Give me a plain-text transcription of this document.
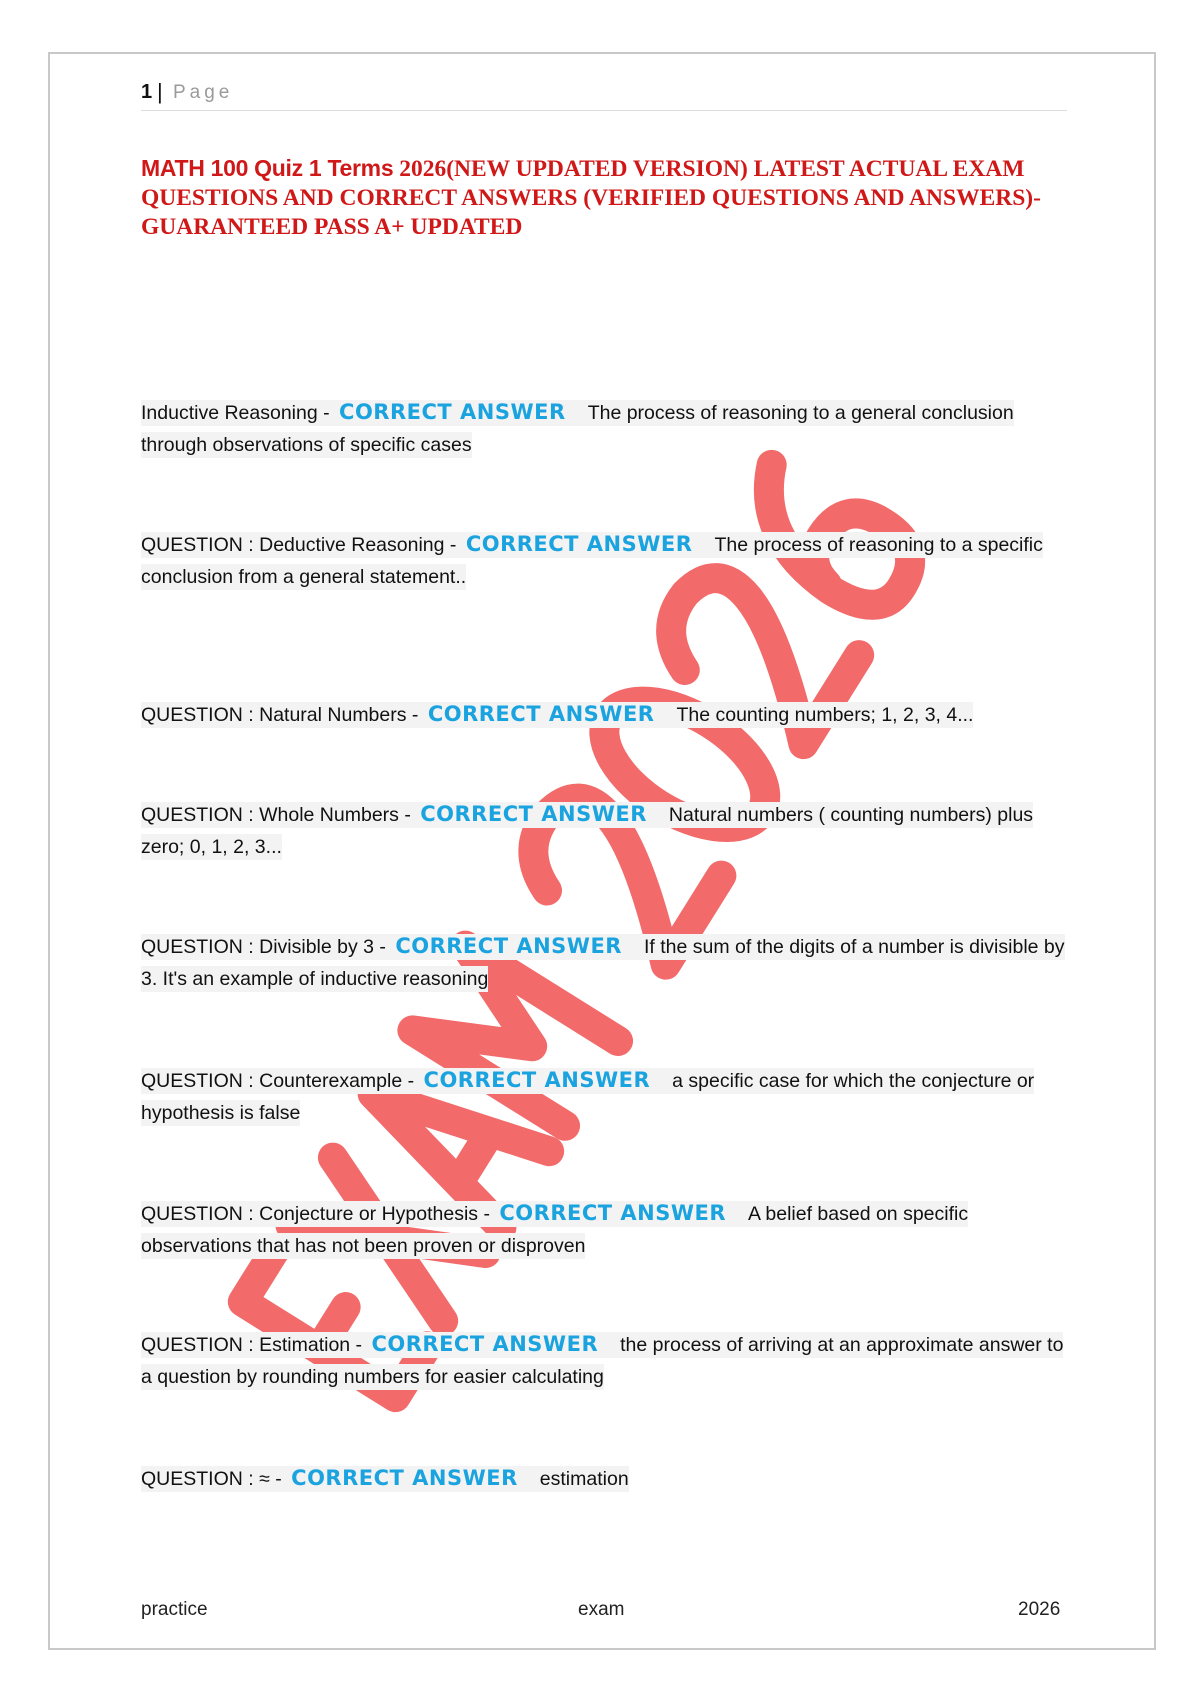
1 | Page
MATH 100 Quiz 1 Terms 2026(NEW UPDATED VERSION) LATEST ACTUAL EXAM QUESTIONS AND CORRECT ANSWERS (VERIFIED QUESTIONS AND ANSWERS)- GUARANTEED PASS A+ UPDATED
Inductive Reasoning - CORRECT ANSWER The process of reasoning to a general conclusion through observations of specific cases
QUESTION : Deductive Reasoning - CORRECT ANSWER The process of reasoning to a specific conclusion from a general statement..
QUESTION : Natural Numbers - CORRECT ANSWER The counting numbers; 1, 2, 3, 4...
QUESTION : Whole Numbers - CORRECT ANSWER Natural numbers ( counting numbers) plus zero; 0, 1, 2, 3...
QUESTION : Divisible by 3 - CORRECT ANSWER If the sum of the digits of a number is divisible by 3. It's an example of inductive reasoning
QUESTION : Counterexample - CORRECT ANSWER a specific case for which the conjecture or hypothesis is false
QUESTION : Conjecture or Hypothesis - CORRECT ANSWER A belief based on specific observations that has not been proven or disproven
QUESTION : Estimation - CORRECT ANSWER the process of arriving at an approximate answer to a question by rounding numbers for easier calculating
QUESTION : ≈ - CORRECT ANSWER estimation
practice	exam	2026
